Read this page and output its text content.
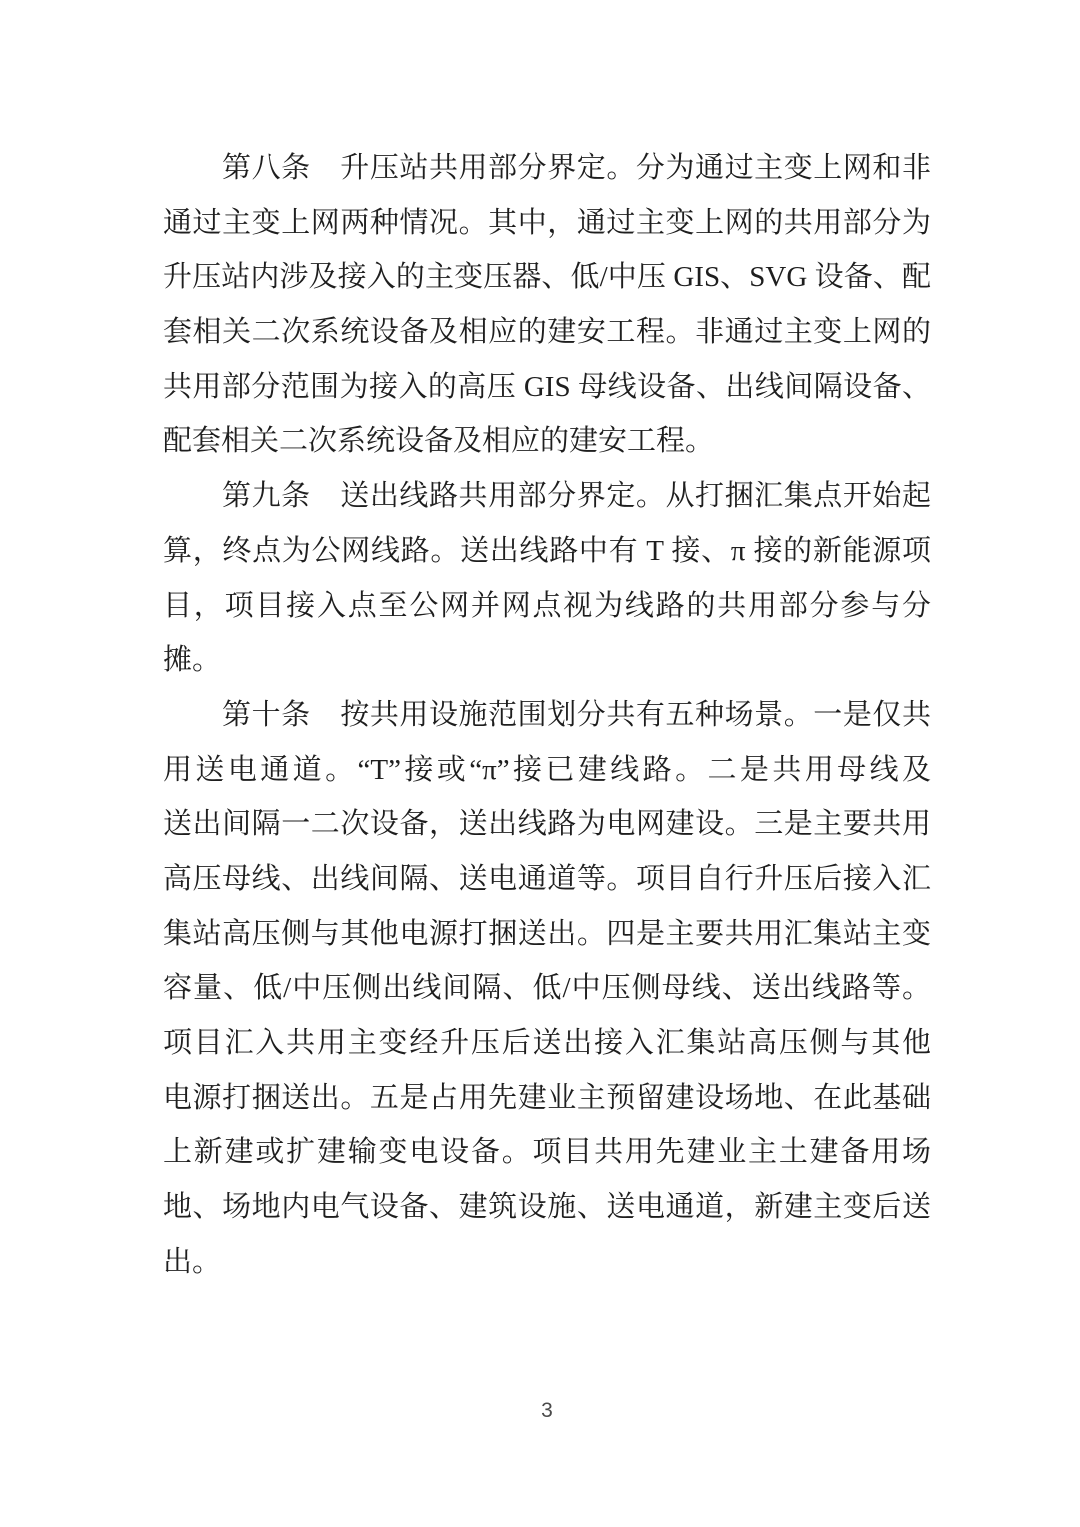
第八条　升压站共用部分界定。分为通过主变上网和非
通过主变上网两种情况。其中，通过主变上网的共用部分为
升压站内涉及接入的主变压器、低/中压 GIS、SVG 设备、配
套相关二次系统设备及相应的建安工程。非通过主变上网的
共用部分范围为接入的高压 GIS 母线设备、出线间隔设备、
配套相关二次系统设备及相应的建安工程。
第九条　送出线路共用部分界定。从打捆汇集点开始起
算，终点为公网线路。送出线路中有 T 接、π 接的新能源项
目，项目接入点至公网并网点视为线路的共用部分参与分
摊。
第十条　按共用设施范围划分共有五种场景。一是仅共
用送电通道。“T”接或“π”接已建线路。二是共用母线及
送出间隔一二次设备，送出线路为电网建设。三是主要共用
高压母线、出线间隔、送电通道等。项目自行升压后接入汇
集站高压侧与其他电源打捆送出。四是主要共用汇集站主变
容量、低/中压侧出线间隔、低/中压侧母线、送出线路等。
项目汇入共用主变经升压后送出接入汇集站高压侧与其他
电源打捆送出。五是占用先建业主预留建设场地、在此基础
上新建或扩建输变电设备。项目共用先建业主土建备用场
地、场地内电气设备、建筑设施、送电通道，新建主变后送
出。
3
